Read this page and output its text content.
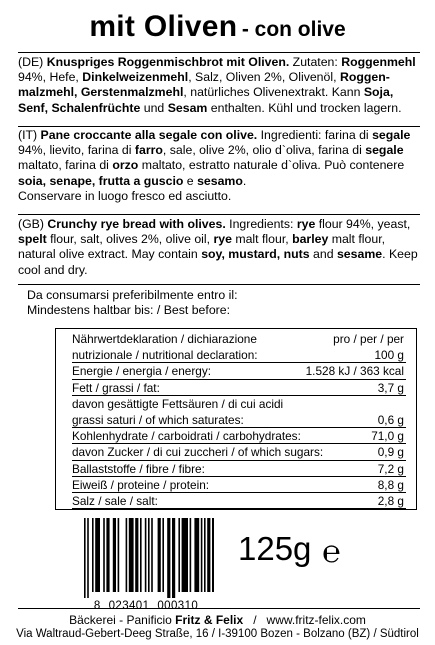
mit Oliven - con olive
(DE) Knuspriges Roggenmischbrot mit Oliven. Zutaten: Roggenmehl 94%, Hefe, Dinkelweizenmehl, Salz, Oliven 2%, Olivenöl, Roggen-malzmehl, Gerstenmalzmehl, natürliches Olivenextrakt. Kann Soja, Senf, Schalenfrüchte und Sesam enthalten. Kühl und trocken lagern.
(IT) Pane croccante alla segale con olive. Ingredienti: farina di segale 94%, lievito, farina di farro, sale, olive 2%, olio d`oliva, farina di segale maltato, farina di orzo maltato, estratto naturale d`oliva. Può contenere soia, senape, frutta a guscio e sesamo.
Conservare in luogo fresco ed asciutto.
(GB) Crunchy rye bread with olives. Ingredients: rye flour 94%, yeast, spelt flour, salt, olives 2%, olive oil, rye malt flour, barley malt flour, natural olive extract. May contain soy, mustard, nuts and sesame. Keep cool and dry.
Da consumarsi preferibilmente entro il:
Mindestens haltbar bis: / Best before:
Nährwertdeklaration / dichiarazione	pro / per / per
nutrizionale / nutritional declaration:	100 g
Energie / energia / energy:	1.528 kJ / 363 kcal
Fett / grassi / fat:	3,7 g
davon gesättigte Fettsäuren / di cui acidi
grassi saturi / of which saturates:	0,6 g
Kohlenhydrate / carboidrati / carbohydrates:	71,0 g
davon Zucker / di cui zuccheri / of which sugars:	0,9 g
Ballaststoffe / fibre / fibre:	7,2 g
Eiweiß / proteine / protein:	8,8 g
Salz / sale / salt:	2,8 g
8 023401 000310
125g ℮
Bäckerei - Panificio Fritz & Felix   /   www.fritz-felix.com
Via Waltraud-Gebert-Deeg Straße, 16 / I-39100 Bozen - Bolzano (BZ) / Südtirol
